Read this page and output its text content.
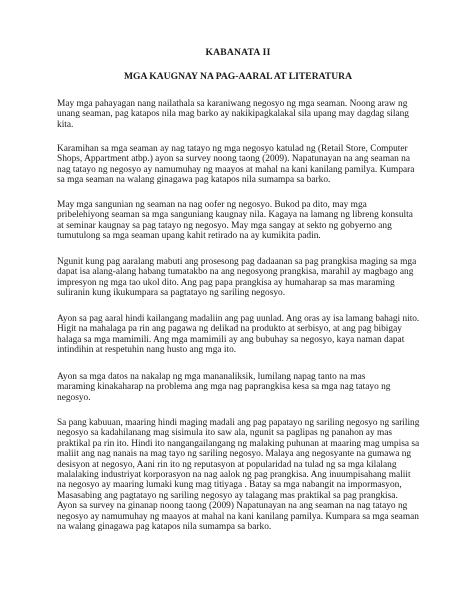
KABANATA II
MGA KAUGNAY NA PAG-AARAL AT LITERATURA
May mga pahayagan nang nailathala sa karaniwang negosyo ng mga seaman. Noong araw ng
unang seaman, pag katapos nila mag barko ay nakikipagkalakal sila upang may dagdag silang
kita.
Karamihan sa mga seaman ay nag tatayo ng mga negosyo katulad ng (Retail Store, Computer
Shops, Appartment atbp.) ayon sa survey noong taong (2009). Napatunayan na ang seaman na
nag tatayo ng negosyo ay namumuhay ng maayos at mahal na kani kanilang pamilya. Kumpara
sa mga seaman na walang ginagawa pag katapos nila sumampa sa barko.
May mga sangunian ng seaman na nag oofer ng negosyo. Bukod pa dito, may mga
pribelehiyong seaman sa mga sanguniang kaugnay nila. Kagaya na lamang ng libreng konsulta
at seminar kaugnay sa pag tatayo ng negosyo. May mga sangay at sekto ng gobyerno ang
tumutulong sa mga seaman upang kahit retirado na ay kumikita padin.
Ngunit kung pag aaralang mabuti ang prosesong pag dadaanan sa pag prangkisa maging sa mga
dapat isa alang-alang habang tumatakbo na ang negosyong prangkisa, marahil ay magbago ang
impresyon ng mga tao ukol dito. Ang pag papa prangkisa ay humaharap sa mas maraming
suliranin kung ikukumpara sa pagtatayo ng sariling negosyo.
Ayon sa pag aaral hindi kailangang madaliin ang pag uunlad. Ang oras ay isa lamang bahagi nito.
Higit na mahalaga pa rin ang pagawa ng delikad na produkto at serbisyo, at ang pag bibigay
halaga sa mga mamimili. Ang mga mamimili ay ang bubuhay sa negosyo, kaya naman dapat
intindihin at respetuhin nang husto ang mga ito.
Ayon sa mga datos na nakalap ng mga mananaliksik, lumilang napag tanto na mas
maraming kinakaharap na problema ang mga nag paprangkisa kesa sa mga nag tatayo ng
negosyo.
Sa pang kabuuan, maaring hindi maging madali ang pag papatayo ng sariling negosyo ng sariling
negosyo sa kadahilanang mag sisimula ito saw ala, ngunit sa paglipas ng panahon ay mas
praktikal pa rin ito. Hindi ito nangangailangang ng malaking puhunan at maaring mag umpisa sa
maliit ang nag nanais na mag tayo ng sariling negosyo. Malaya ang negosyante na gumawa ng
desisyon at negosyo, Aani rin ito ng reputasyon at popularidad na tulad ng sa mga kilalang
malalaking industriyat korporasyon na nag aalok ng pag prangkisa. Ang inuumpisahang maliit
na negosyo ay maaring lumaki kung mag titiyaga . Batay sa mga nabangit na impormasyon,
Masasabing ang pagtatayo ng sariling negosyo ay talagang mas praktikal sa pag prangkisa.
Ayon sa survey na ginanap noong taong (2009) Napatunayan na ang seaman na nag tatayo ng
negosyo ay namumuhay ng maayos at mahal na kani kanilang pamilya. Kumpara sa mga seaman
na walang ginagawa pag katapos nila sumampa sa barko.
